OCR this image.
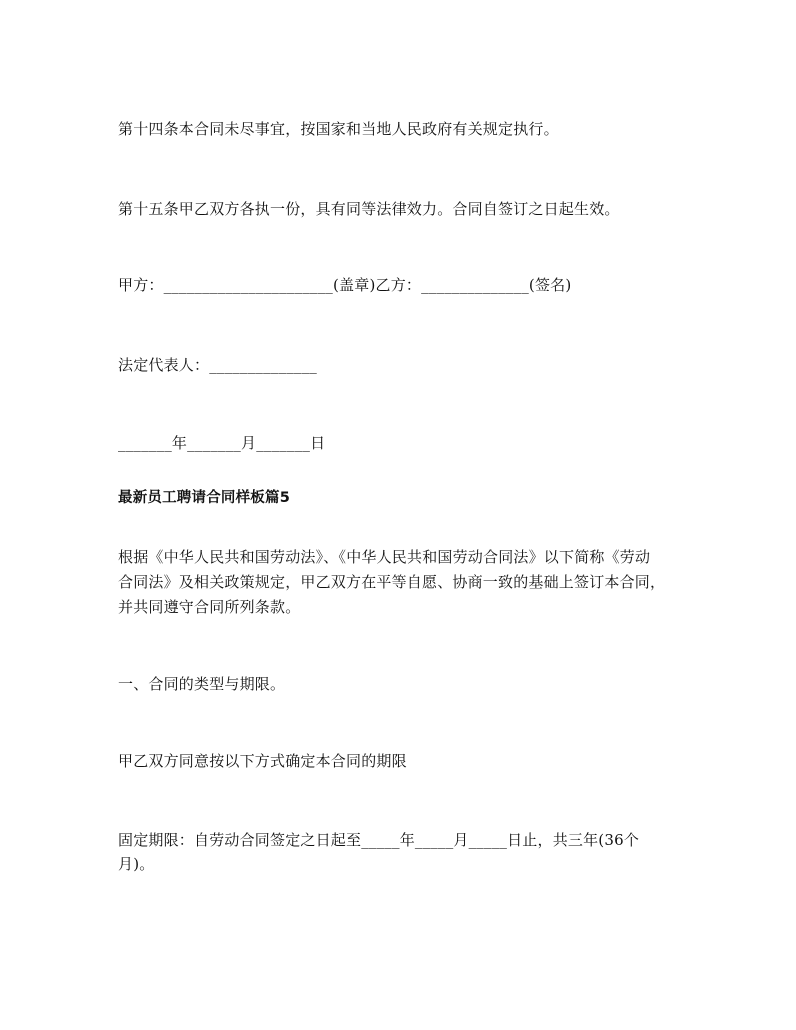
第十四条本合同未尽事宜，按国家和当地人民政府有关规定执行。
第十五条甲乙双方各执一份，具有同等法律效力。合同自签订之日起生效。
甲方：______________________(盖章)乙方：______________(签名)
法定代表人：______________
_______年_______月_______日
最新员工聘请合同样板篇5
根据《中华人民共和国劳动法》、《中华人民共和国劳动合同法》以下简称《劳动
合同法》及相关政策规定，甲乙双方在平等自愿、协商一致的基础上签订本合同，
并共同遵守合同所列条款。
一、合同的类型与期限。
甲乙双方同意按以下方式确定本合同的期限
固定期限：自劳动合同签定之日起至_____年_____月_____日止，共三年(36个
月)。
